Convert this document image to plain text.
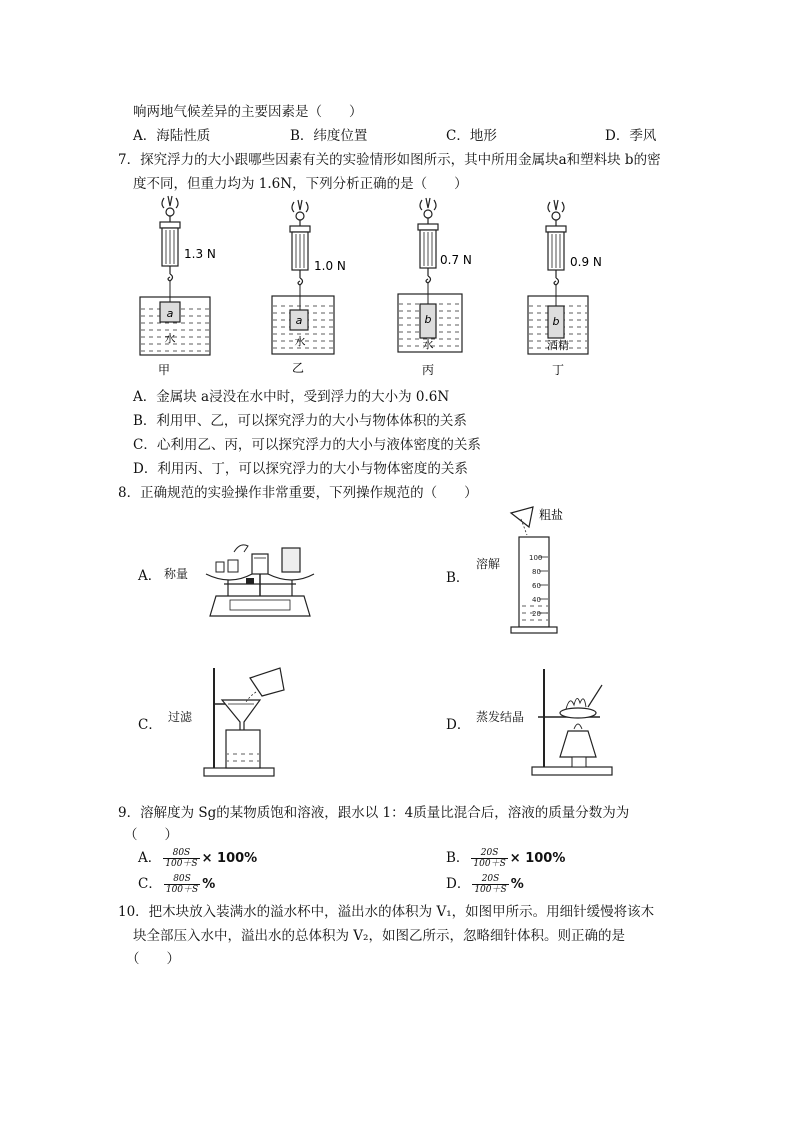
响两地气候差异的主要因素是（　　）
A．海陆性质	B．纬度位置	C．地形	D．季风
7．探究浮力的大小跟哪些因素有关的实验情形如图所示，其中所用金属块a和塑料块 b的密
度不同，但重力均为 1.6N，下列分析正确的是（　　）
1.3 N
a
水
甲
1.0 N
a
水
乙
0.7 N
b
水
丙
0.9 N
b
酒精
丁
A．金属块 a浸没在水中时，受到浮力的大小为 0.6N
B．利用甲、乙，可以探究浮力的大小与物体体积的关系
C．心利用乙、丙，可以探究浮力的大小与液体密度的关系
D．利用丙、丁，可以探究浮力的大小与物体密度的关系
8．正确规范的实验操作非常重要，下列操作规范的（　　）
A． 称量	B．
溶解
粗盐
100
80
60
40
20
C． 过滤	D． 蒸发结晶
9．溶解度为 Sg的某物质饱和溶液，跟水以 1：4质量比混合后，溶液的质量分数为为
（　　）
A． $\frac{80S}{100+S} \times 100\%$	B． $\frac{20S}{100+S} \times 100\%$
C． $\frac{80S}{100+S}$ %	D． $\frac{20S}{100+S}$ %
10．把木块放入装满水的溢水杯中，溢出水的体积为 V₁，如图甲所示。用细针缓慢将该木
块全部压入水中，溢出水的总体积为 V₂，如图乙所示，忽略细针体积。则正确的是
（　　）
